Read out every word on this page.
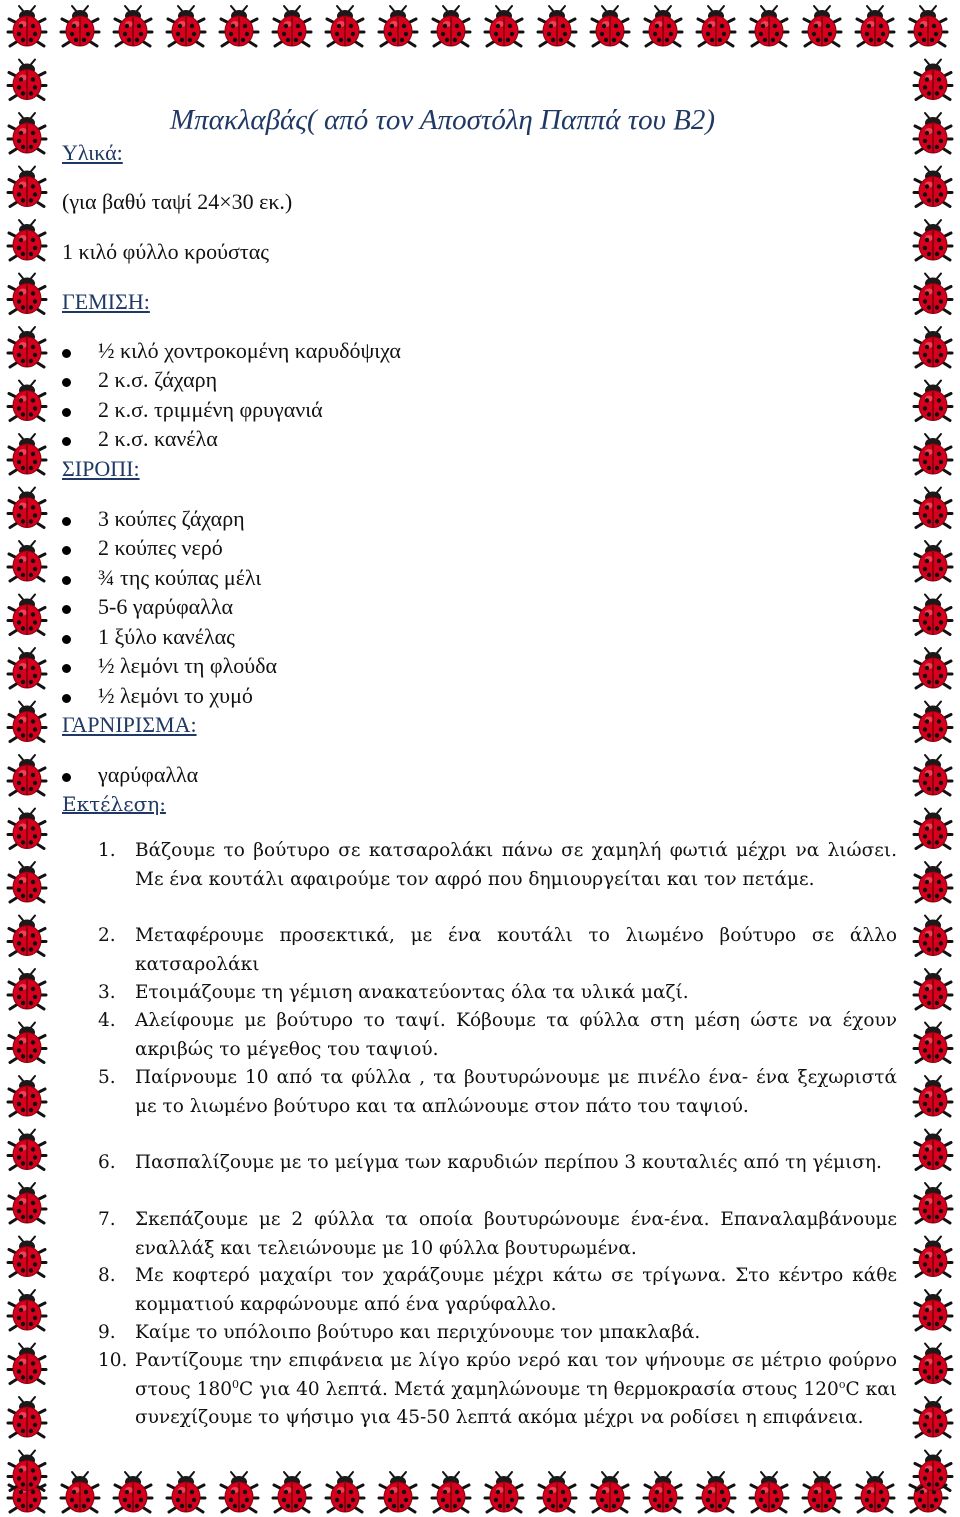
Μπακλαβάς( από τον Αποστόλη Παππά του Β2)
Υλικά:
(για βαθύ ταψί 24×30 εκ.)
1 κιλό φύλλο κρούστας
ΓΕΜΙΣΗ:
½ κιλό χοντροκομένη καρυδόψιχα
2 κ.σ. ζάχαρη
2 κ.σ. τριμμένη φρυγανιά
2 κ.σ. κανέλα
ΣΙΡΟΠΙ:
3 κούπες ζάχαρη
2 κούπες νερό
¾ της κούπας μέλι
5-6 γαρύφαλλα
1 ξύλο κανέλας
½ λεμόνι τη φλούδα
½ λεμόνι το χυμό
ΓΑΡΝΙΡΙΣΜΑ:
γαρύφαλλα
Εκτέλεση:
1. Βάζουμε το βούτυρο σε κατσαρολάκι πάνω σε χαμηλή φωτιά μέχρι να λιώσει. Με ένα κουτάλι αφαιρούμε τον αφρό που δημιουργείται και τον πετάμε.

2. Μεταφέρουμε προσεκτικά, με ένα κουτάλι το λιωμένο βούτυρο σε άλλο κατσαρολάκι

3. Ετοιμάζουμε τη γέμιση ανακατεύοντας όλα τα υλικά μαζί.

4. Αλείφουμε με βούτυρο το ταψί. Κόβουμε τα φύλλα στη μέση ώστε να έχουν ακριβώς το μέγεθος του ταψιού.

5. Παίρνουμε 10 από τα φύλλα , τα βουτυρώνουμε με πινέλο ένα- ένα ξεχωριστά με το λιωμένο βούτυρο και τα απλώνουμε στον πάτο του ταψιού.

6. Πασπαλίζουμε με το μείγμα των καρυδιών περίπου 3 κουταλιές από τη γέμιση.

7. Σκεπάζουμε με 2 φύλλα τα οποία βουτυρώνουμε ένα-ένα. Επαναλαμβάνουμε εναλλάξ και τελειώνουμε με 10 φύλλα βουτυρωμένα.

8. Με κοφτερό μαχαίρι τον χαράζουμε μέχρι κάτω σε τρίγωνα. Στο κέντρο κάθε κομματιού καρφώνουμε από ένα γαρύφαλλο.

9. Καίμε το υπόλοιπο βούτυρο και περιχύνουμε τον μπακλαβά.

10. Ραντίζουμε την επιφάνεια με λίγο κρύο νερό και τον ψήνουμε σε μέτριο φούρνο στους $180^0C$ για 40 λεπτά. Μετά χαμηλώνουμε τη θερμοκρασία στους $120^oC$ και συνεχίζουμε το ψήσιμο για 45-50 λεπτά ακόμα μέχρι να ροδίσει η επιφάνεια.
